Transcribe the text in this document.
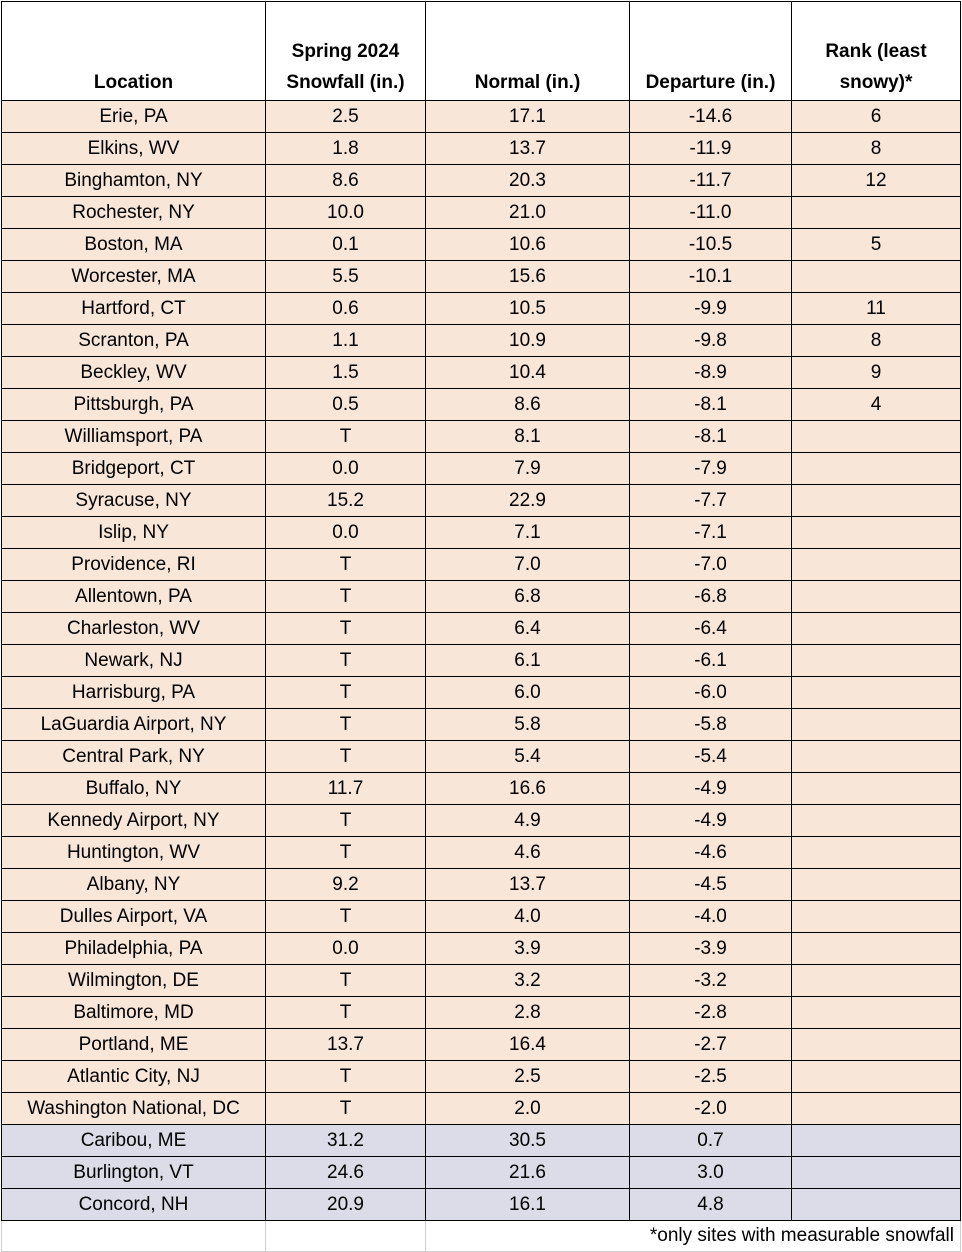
Location	Spring 2024 Snowfall (in.)	Normal (in.)	Departure (in.)	Rank (least snowy)*
Erie, PA	2.5	17.1	-14.6	6
Elkins, WV	1.8	13.7	-11.9	8
Binghamton, NY	8.6	20.3	-11.7	12
Rochester, NY	10.0	21.0	-11.0	
Boston, MA	0.1	10.6	-10.5	5
Worcester, MA	5.5	15.6	-10.1	
Hartford, CT	0.6	10.5	-9.9	11
Scranton, PA	1.1	10.9	-9.8	8
Beckley, WV	1.5	10.4	-8.9	9
Pittsburgh, PA	0.5	8.6	-8.1	4
Williamsport, PA	T	8.1	-8.1	
Bridgeport, CT	0.0	7.9	-7.9	
Syracuse, NY	15.2	22.9	-7.7	
Islip, NY	0.0	7.1	-7.1	
Providence, RI	T	7.0	-7.0	
Allentown, PA	T	6.8	-6.8	
Charleston, WV	T	6.4	-6.4	
Newark, NJ	T	6.1	-6.1	
Harrisburg, PA	T	6.0	-6.0	
LaGuardia Airport, NY	T	5.8	-5.8	
Central Park, NY	T	5.4	-5.4	
Buffalo, NY	11.7	16.6	-4.9	
Kennedy Airport, NY	T	4.9	-4.9	
Huntington, WV	T	4.6	-4.6	
Albany, NY	9.2	13.7	-4.5	
Dulles Airport, VA	T	4.0	-4.0	
Philadelphia, PA	0.0	3.9	-3.9	
Wilmington, DE	T	3.2	-3.2	
Baltimore, MD	T	2.8	-2.8	
Portland, ME	13.7	16.4	-2.7	
Atlantic City, NJ	T	2.5	-2.5	
Washington National, DC	T	2.0	-2.0	
Caribou, ME	31.2	30.5	0.7	
Burlington, VT	24.6	21.6	3.0	
Concord, NH	20.9	16.1	4.8	
		*only sites with measurable snowfall		
